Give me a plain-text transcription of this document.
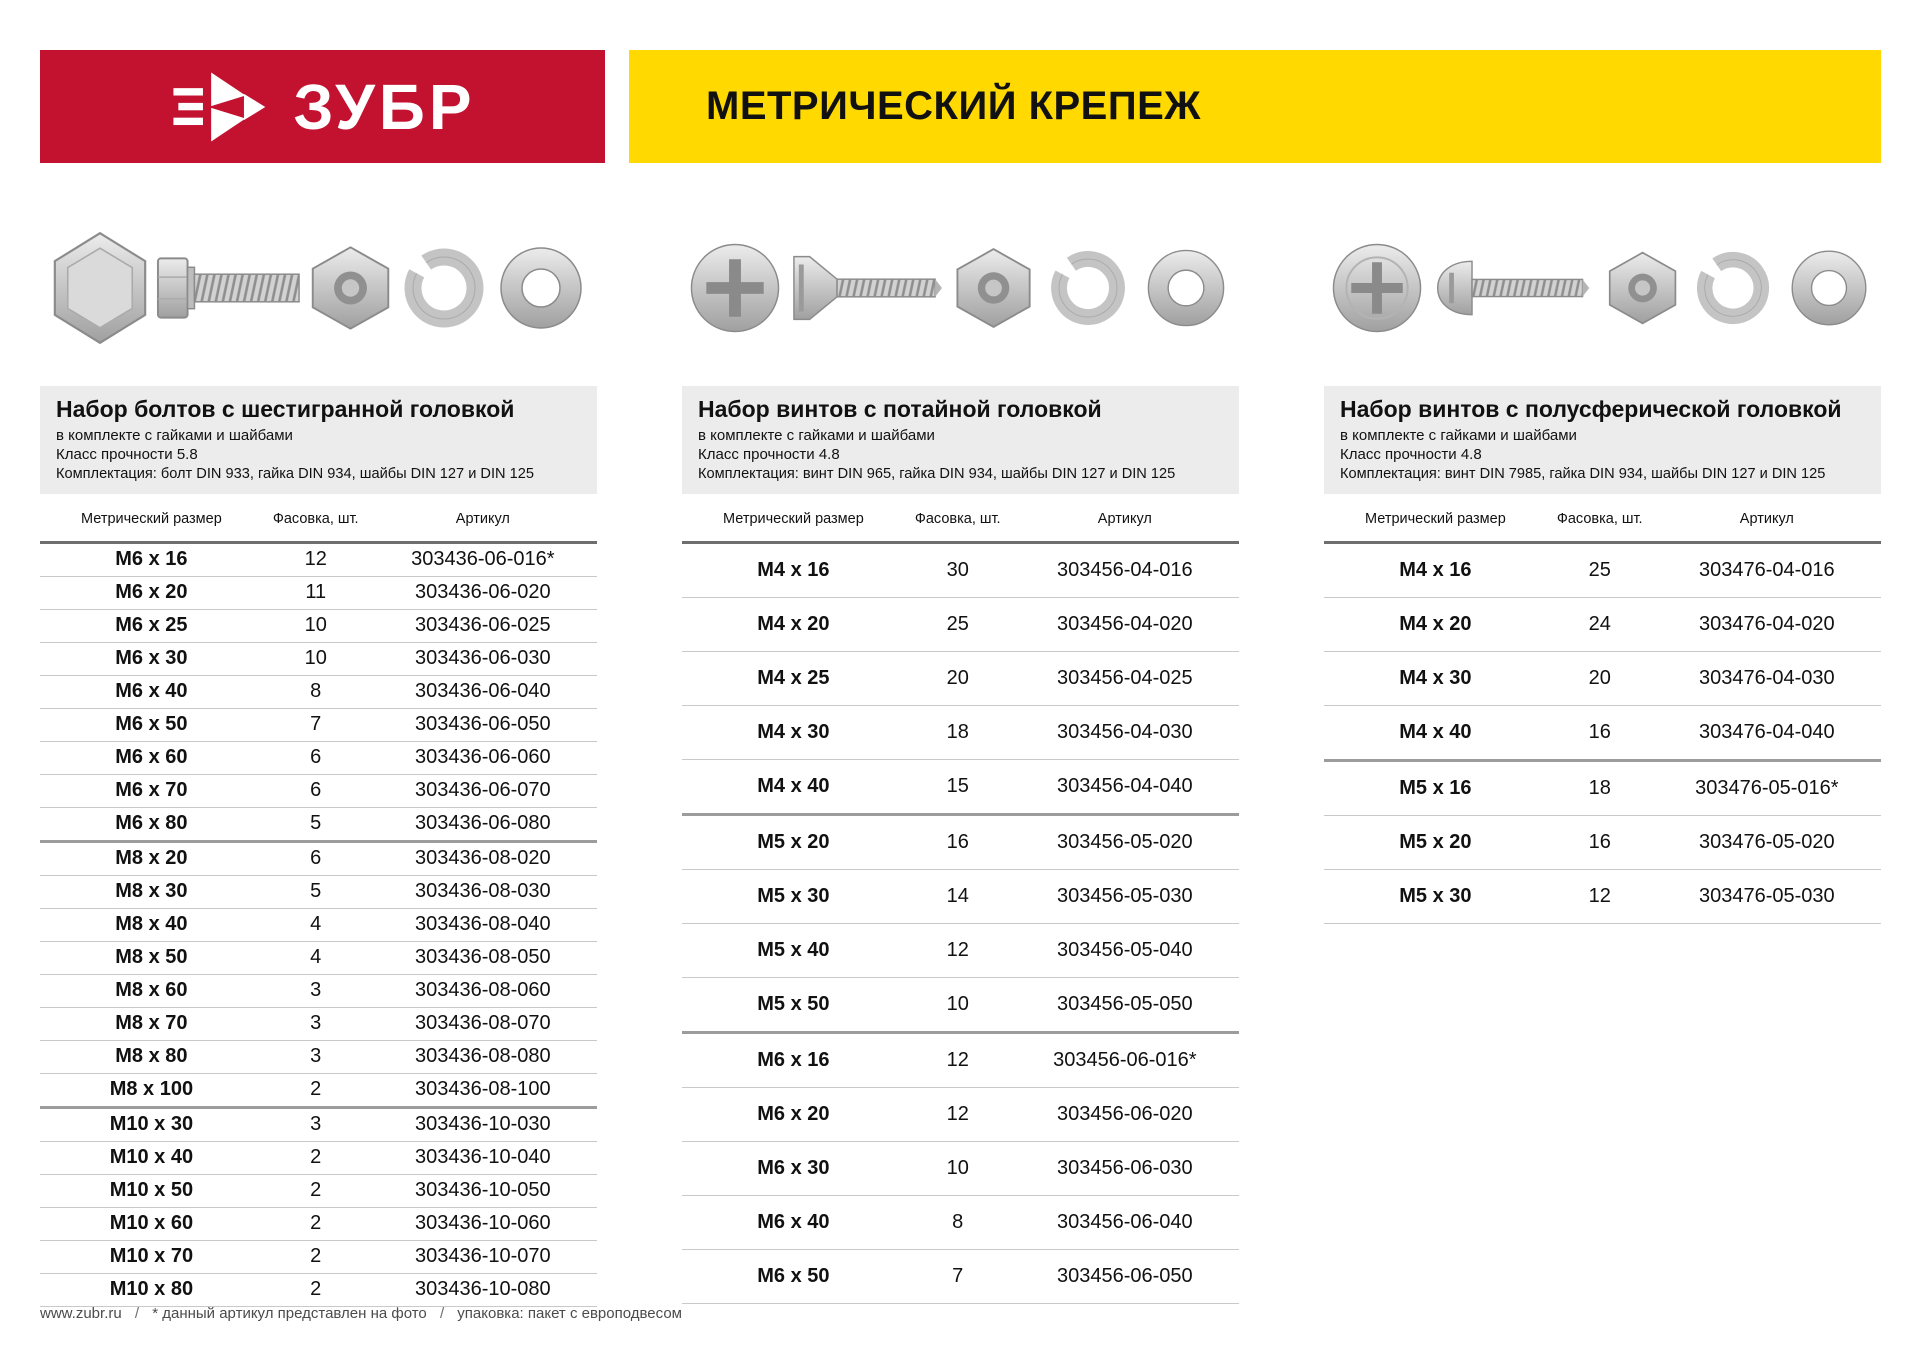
ЗУБР	МЕТРИЧЕСКИЙ КРЕПЕЖ
Набор болтов с шестигранной головкой

в комплекте с гайками и шайбами

Класс прочности 5.8

Комплектация: болт DIN 933, гайка DIN 934, шайбы DIN 127 и DIN 125

Метрический размер	Фасовка, шт.	Артикул
M6 x 16	12	303436-06-016*
M6 x 20	11	303436-06-020
M6 x 25	10	303436-06-025
M6 x 30	10	303436-06-030
M6 x 40	8	303436-06-040
M6 x 50	7	303436-06-050
M6 x 60	6	303436-06-060
M6 x 70	6	303436-06-070
M6 x 80	5	303436-06-080
M8 x 20	6	303436-08-020
M8 x 30	5	303436-08-030
M8 x 40	4	303436-08-040
M8 x 50	4	303436-08-050
M8 x 60	3	303436-08-060
M8 x 70	3	303436-08-070
M8 x 80	3	303436-08-080
M8 x 100	2	303436-08-100
M10 x 30	3	303436-10-030
M10 x 40	2	303436-10-040
M10 x 50	2	303436-10-050
M10 x 60	2	303436-10-060
M10 x 70	2	303436-10-070
M10 x 80	2	303436-10-080
Набор винтов с потайной головкой

в комплекте с гайками и шайбами

Класс прочности 4.8

Комплектация: винт DIN 965, гайка DIN 934, шайбы DIN 127 и DIN 125

Метрический размер	Фасовка, шт.	Артикул
M4 x 16	30	303456-04-016
M4 x 20	25	303456-04-020
M4 x 25	20	303456-04-025
M4 x 30	18	303456-04-030
M4 x 40	15	303456-04-040
M5 x 20	16	303456-05-020
M5 x 30	14	303456-05-030
M5 x 40	12	303456-05-040
M5 x 50	10	303456-05-050
M6 x 16	12	303456-06-016*
M6 x 20	12	303456-06-020
M6 x 30	10	303456-06-030
M6 x 40	8	303456-06-040
M6 x 50	7	303456-06-050
Набор винтов с полусферической головкой

в комплекте с гайками и шайбами

Класс прочности 4.8

Комплектация: винт DIN 7985, гайка DIN 934, шайбы DIN 127 и DIN 125

Метрический размер	Фасовка, шт.	Артикул
M4 x 16	25	303476-04-016
M4 x 20	24	303476-04-020
M4 x 30	20	303476-04-030
M4 x 40	16	303476-04-040
M5 x 16	18	303476-05-016*
M5 x 20	16	303476-05-020
M5 x 30	12	303476-05-030
www.zubr.ru / * данный артикул представлен на фото / упаковка: пакет с европодвесом
